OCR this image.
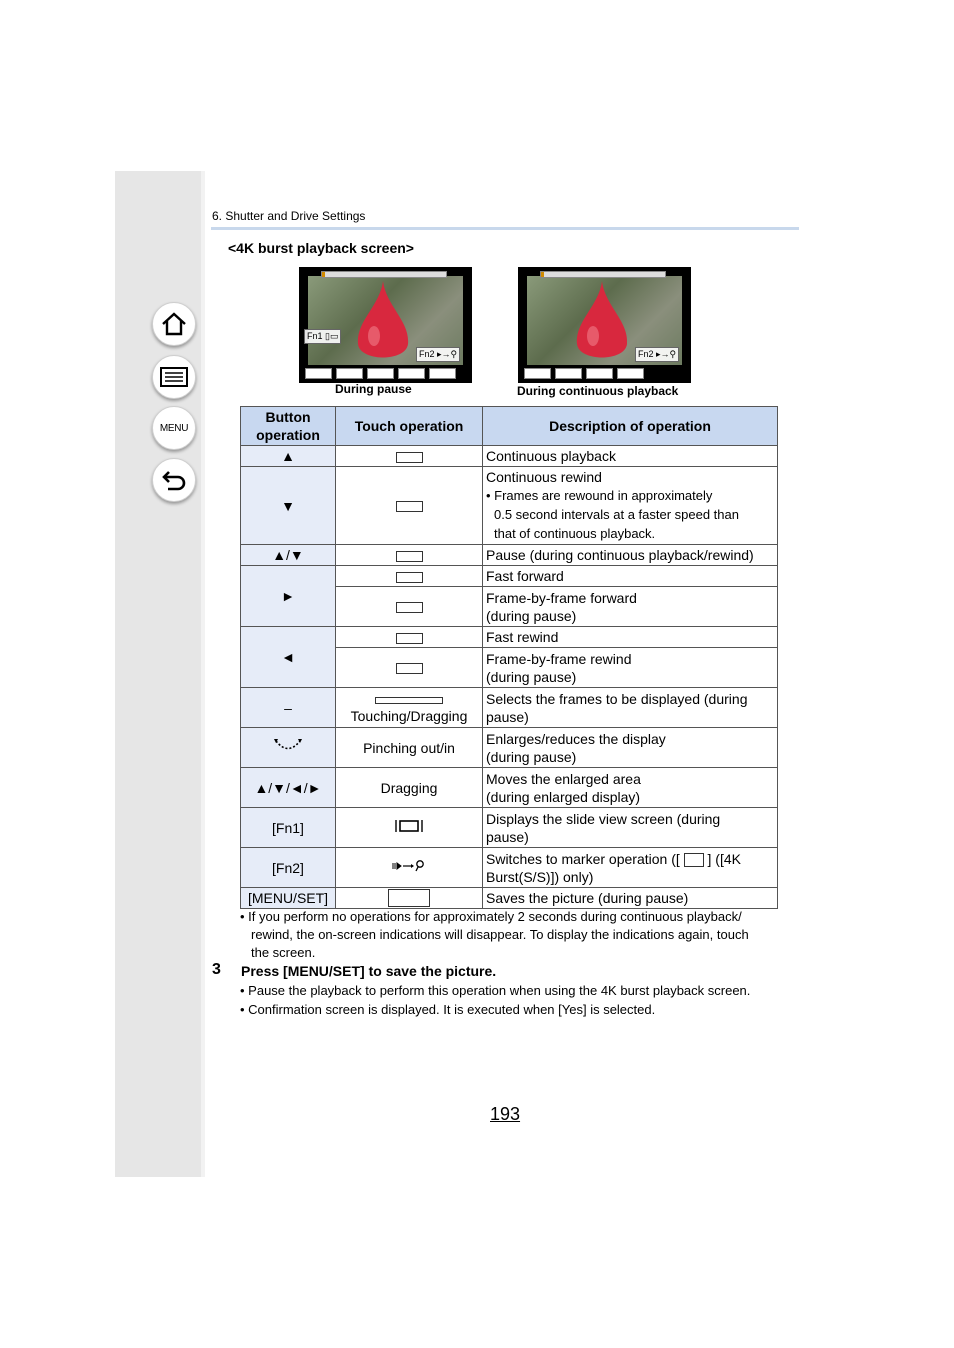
MENU
6. Shutter and Drive Settings
<4K burst playback screen>
Fn1 ▯▭
Fn2 ▸→⚲
During pause
Fn2 ▸→⚲
During continuous playback
Button operation	Touch operation	Description of operation
▲		Continuous playback
▼		Continuous rewind
• Frames are rewound in approximately
0.5 second intervals at a faster speed than
that of continuous playback.

▲/▼		Pause (during continuous playback/rewind)
►		Fast forward

		Frame-by-frame forward
(during pause)

◄		Fast rewind

		Frame-by-frame rewind
(during pause)

–	Touching/Dragging	Selects the frames to be displayed (during
pause)

	Pinching out/in	Enlarges/reduces the display
(during pause)

▲/▼/◄/►	Dragging	Moves the enlarged area
(during enlarged display)

[Fn1]		Displays the slide view screen (during
pause)

[Fn2]		Switches to marker operation ([ ] ([4K
Burst(S/S)]) only)

[MENU/SET]		Saves the picture (during pause)
• If you perform no operations for approximately 2 seconds during continuous playback/
rewind, the on-screen indications will disappear. To display the indications again, touch
the screen.
3 Press [MENU/SET] to save the picture.
• Pause the playback to perform this operation when using the 4K burst playback screen.
• Confirmation screen is displayed. It is executed when [Yes] is selected.
193
